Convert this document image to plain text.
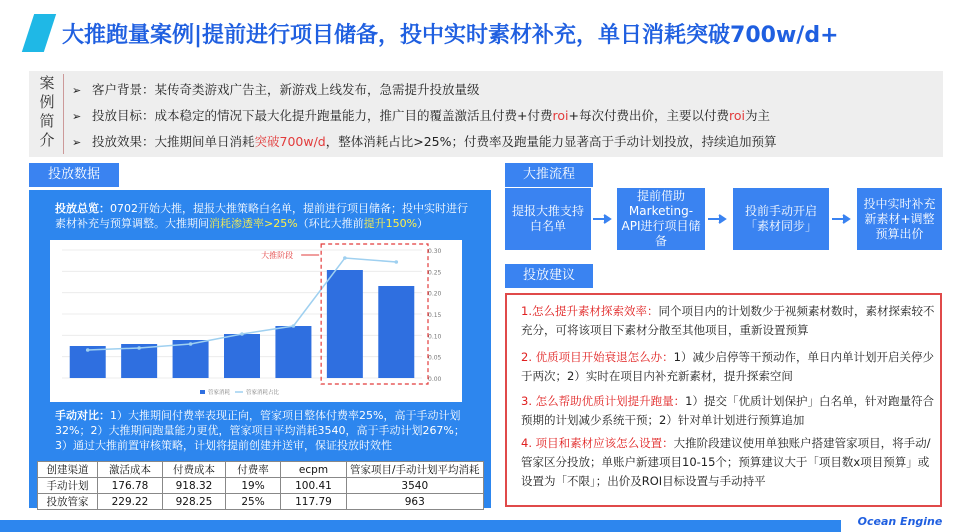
大推跑量案例|提前进行项目储备，投中实时素材补充，单日消耗突破700w/d+
案
例
简
介
➢ 客户背景：某传奇类游戏广告主，新游戏上线发布，急需提升投放量级
➢ 投放目标：成本稳定的情况下最大化提升跑量能力，推广目的覆盖激活且付费+付费roi+每次付费出价，主要以付费roi为主
➢ 投放效果：大推期间单日消耗突破700w/d，整体消耗占比>25%；付费率及跑量能力显著高于手动计划投放，持续追加预算
投放数据
投放总览：0702开始大推，提报大推策略白名单，提前进行项目储备；投中实时进行素材补充与预算调整。大推期间消耗渗透率>25%（环比大推前提升150%）
0.30
0.25
0.20
0.15
0.10
0.05
0.00
大推阶段
管家消耗	管家消耗占比
手动对比：1）大推期间付费率表现正向，管家项目整体付费率25%，高于手动计划32%；2）大推期间跑量能力更优，管家项目平均消耗3540，高于手动计划267%；3）通过大推前置审核策略，计划将提前创建并送审，保证投放时效性
创建渠道	激活成本	付费成本	付费率	ecpm	管家项目/手动计划平均消耗
手动计划	176.78	918.32	19%	100.41	3540
投放管家	229.22	928.25	25%	117.79	963
大推流程
提报大推支持白名单
提前借助Marketing-API进行项目储备
投前手动开启「素材同步」
投中实时补充新素材+调整预算出价
投放建议
1.怎么提升素材探索效率：同个项目内的计划数少于视频素材数时，素材探索较不充分，可将该项目下素材分散至其他项目，重新设置预算
2. 优质项目开始衰退怎么办：1）减少启停等干预动作，单日内单计划开启关停少于两次；2）实时在项目内补充新素材，提升探索空间
3. 怎么帮助优质计划提升跑量：1）提交「优质计划保护」白名单，针对跑量符合预期的计划减少系统干预；2）针对单计划进行预算追加
4. 项目和素材应该怎么设置：大推阶段建议使用单独账户搭建管家项目，将手动/管家区分投放；单账户新建项目10-15个；预算建议大于「项目数x项目预算」或设置为「不限」；出价及ROI目标设置与手动持平
Ocean Engine
